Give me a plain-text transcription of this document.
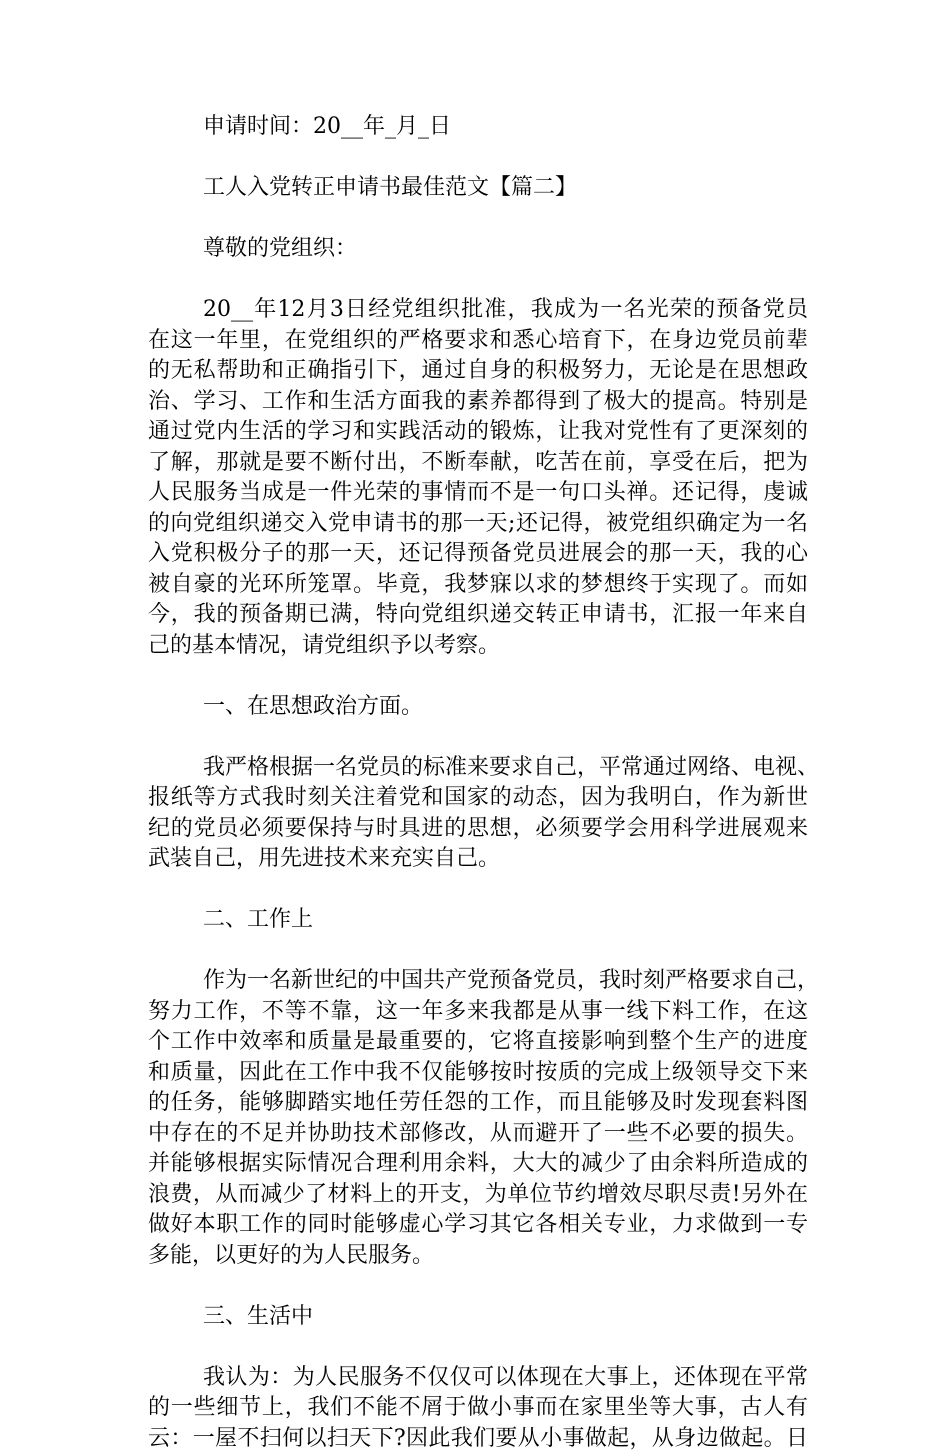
申请时间：20__年_月_日
工人入党转正申请书最佳范文【篇二】
尊敬的党组织：
20__年12月3日经党组织批准，我成为一名光荣的预备党员
在这一年里，在党组织的严格要求和悉心培育下，在身边党员前辈
的无私帮助和正确指引下，通过自身的积极努力，无论是在思想政
治、学习、工作和生活方面我的素养都得到了极大的提高。特别是
通过党内生活的学习和实践活动的锻炼，让我对党性有了更深刻的
了解，那就是要不断付出，不断奉献，吃苦在前，享受在后，把为
人民服务当成是一件光荣的事情而不是一句口头禅。还记得，虔诚
的向党组织递交入党申请书的那一天;还记得，被党组织确定为一名
入党积极分子的那一天，还记得预备党员进展会的那一天，我的心
被自豪的光环所笼罩。毕竟，我梦寐以求的梦想终于实现了。而如
今，我的预备期已满，特向党组织递交转正申请书，汇报一年来自
己的基本情况，请党组织予以考察。
一、在思想政治方面。
我严格根据一名党员的标准来要求自己，平常通过网络、电视、
报纸等方式我时刻关注着党和国家的动态，因为我明白，作为新世
纪的党员必须要保持与时具进的思想，必须要学会用科学进展观来
武装自己，用先进技术来充实自己。
二、工作上
作为一名新世纪的中国共产党预备党员，我时刻严格要求自己，
努力工作，不等不靠，这一年多来我都是从事一线下料工作，在这
个工作中效率和质量是最重要的，它将直接影响到整个生产的进度
和质量，因此在工作中我不仅能够按时按质的完成上级领导交下来
的任务，能够脚踏实地任劳任怨的工作，而且能够及时发现套料图
中存在的不足并协助技术部修改，从而避开了一些不必要的损失。
并能够根据实际情况合理利用余料，大大的减少了由余料所造成的
浪费，从而减少了材料上的开支，为单位节约增效尽职尽责!另外在
做好本职工作的同时能够虚心学习其它各相关专业，力求做到一专
多能，以更好的为人民服务。
三、生活中
我认为：为人民服务不仅仅可以体现在大事上，还体现在平常
的一些细节上，我们不能不屑于做小事而在家里坐等大事，古人有
云：一屋不扫何以扫天下?因此我们要从小事做起，从身边做起。日
